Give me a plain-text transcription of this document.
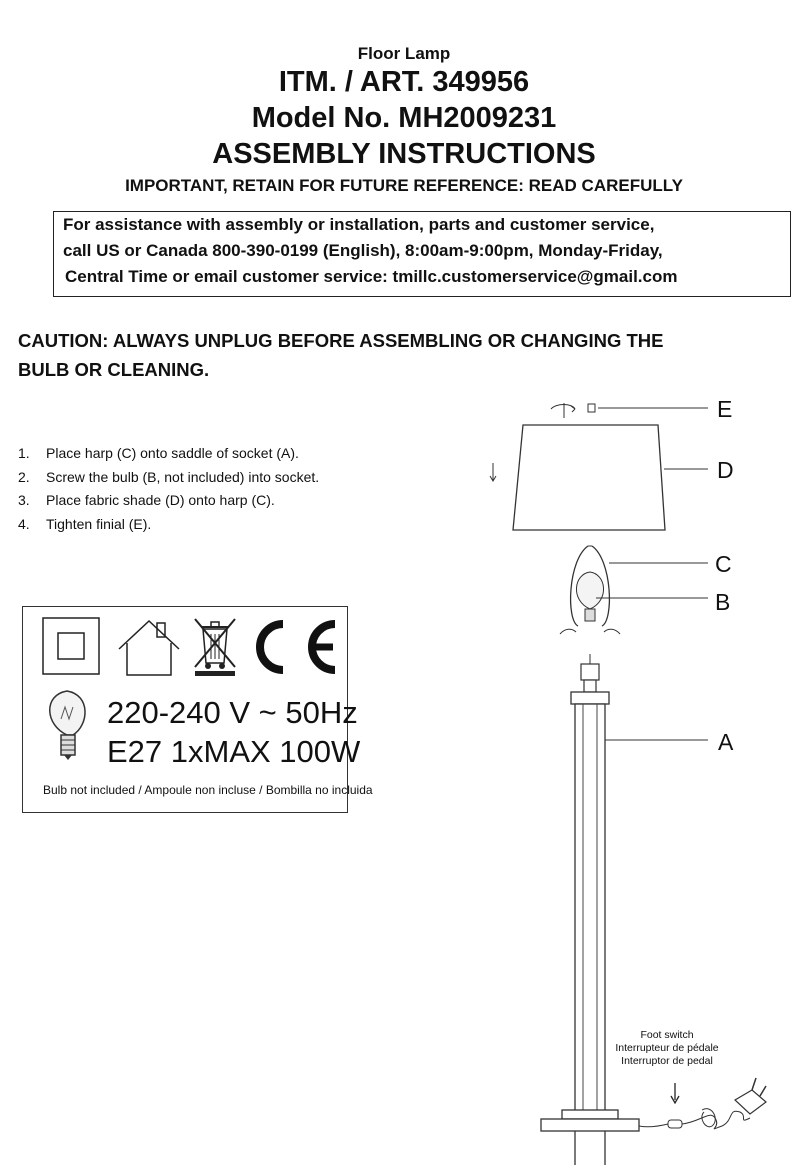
Floor Lamp
ITM. / ART. 349956
Model No. MH2009231
ASSEMBLY INSTRUCTIONS
IMPORTANT, RETAIN FOR FUTURE REFERENCE: READ CAREFULLY
For assistance with assembly or installation, parts and customer service,
call US or Canada 800-390-0199 (English), 8:00am-9:00pm, Monday-Friday,
Central Time or email customer service: tmillc.customerservice@gmail.com
CAUTION: ALWAYS UNPLUG BEFORE ASSEMBLING OR CHANGING THE
BULB OR CLEANING.
1. Place harp (C) onto saddle of socket (A).
2. Screw the bulb (B, not included) into socket.
3. Place fabric shade (D) onto harp (C).
4. Tighten finial (E).
220-240 V ~ 50Hz
E27 1xMAX 100W
Bulb not included / Ampoule non incluse / Bombilla no incluida
E
D
C
B
A
Foot switch
Interrupteur de pédale
Interruptor de pedal
